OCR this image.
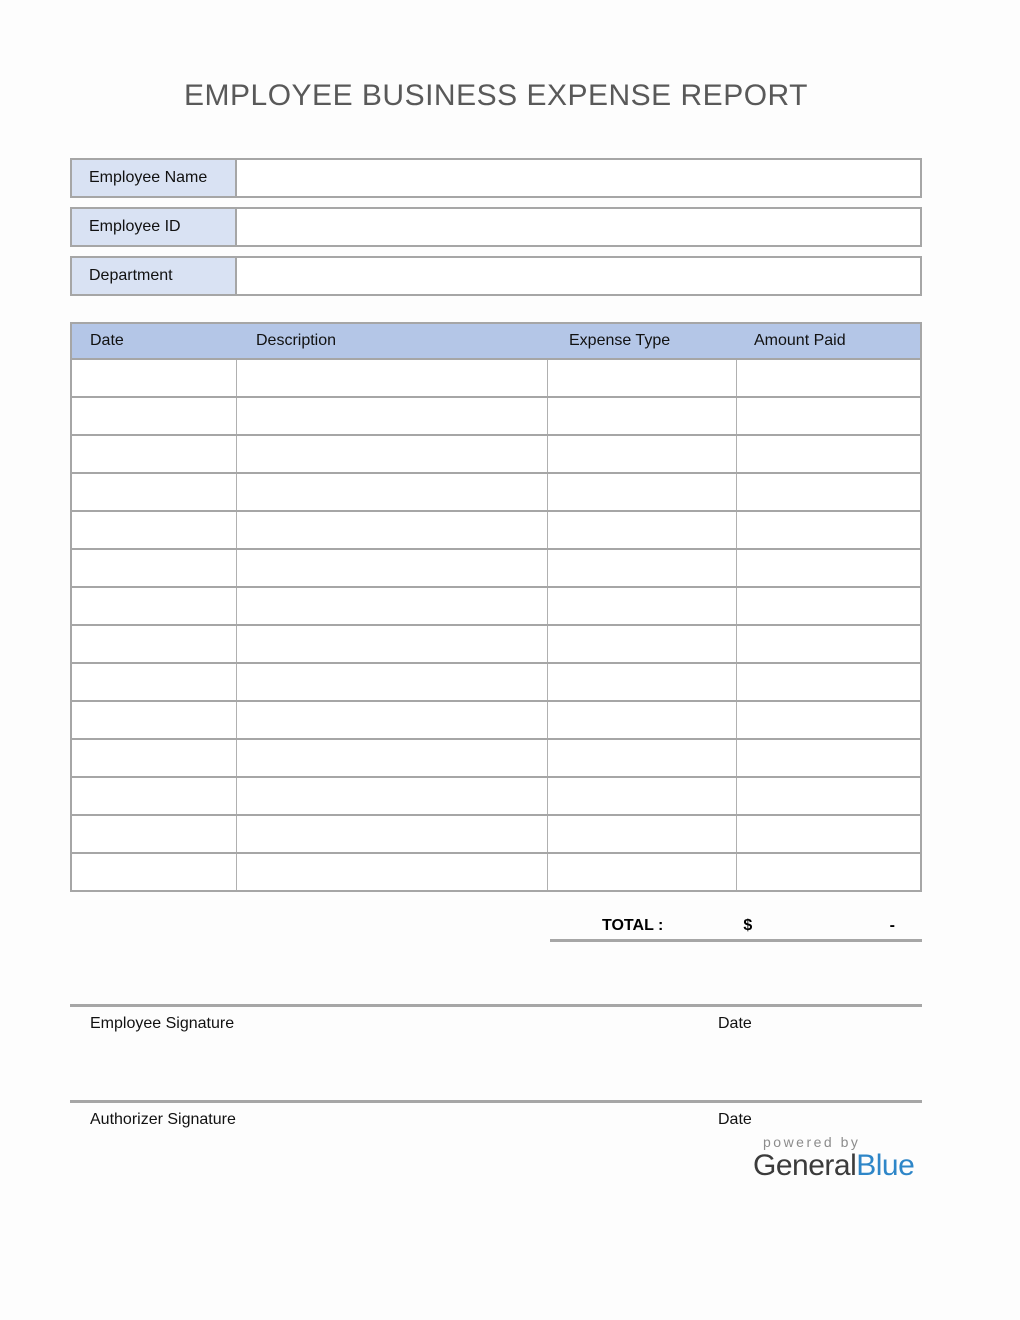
EMPLOYEE BUSINESS EXPENSE REPORT
Employee Name
Employee ID
Department
Date	Description	Expense Type	Amount Paid
TOTAL :	$	-
Employee Signature	Date
Authorizer Signature	Date
powered by
GeneralBlue
